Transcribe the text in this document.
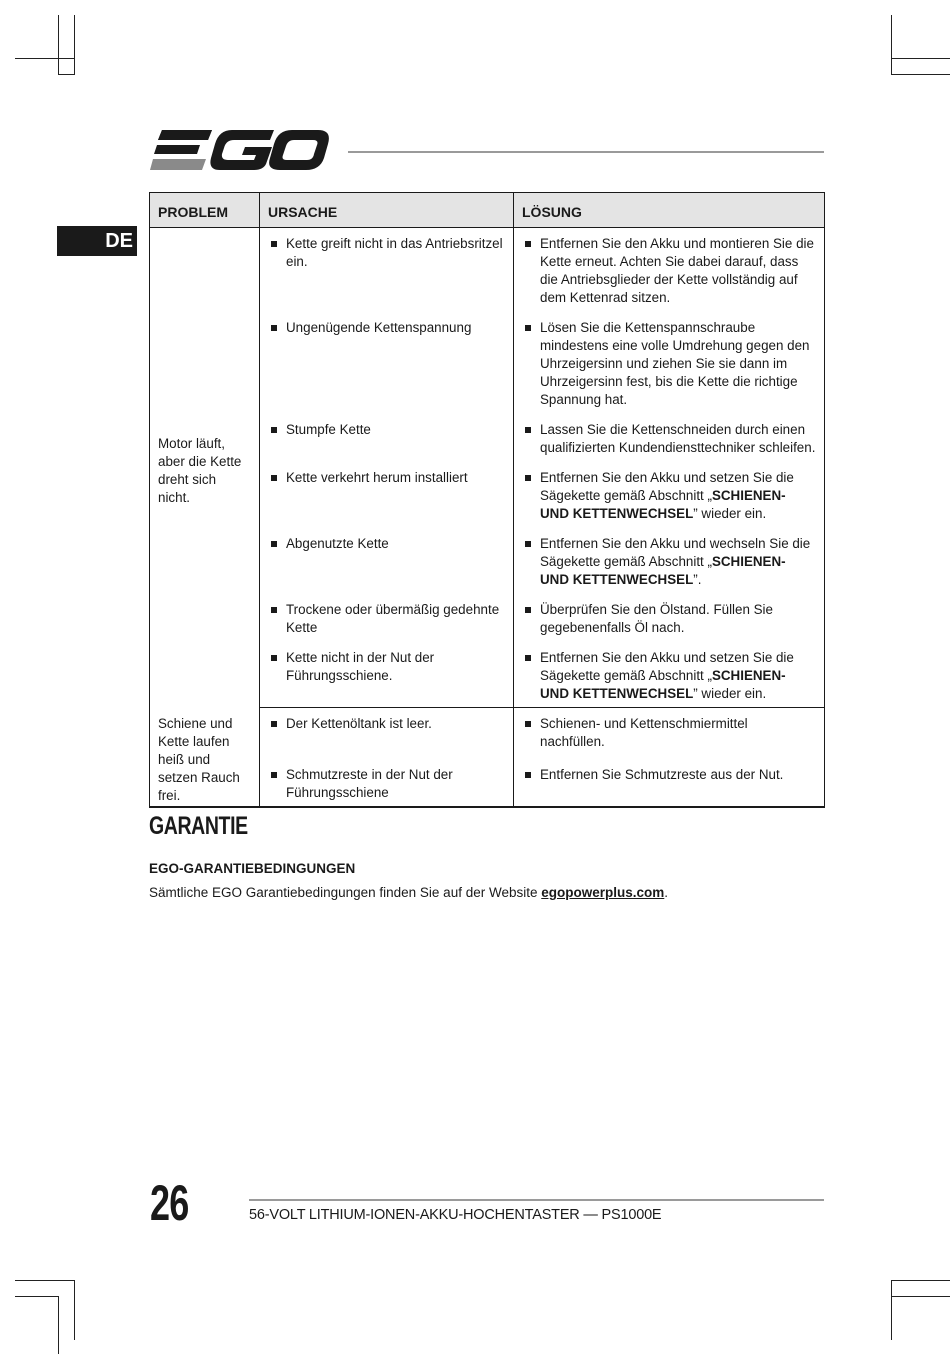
DE
PROBLEM	URSACHE	LÖSUNG
Motor läuft, aber die Kette dreht sich nicht.	Kette greift nicht in das Antriebsritzel ein.	Entfernen Sie den Akku und montieren Sie die Kette erneut. Achten Sie dabei darauf, dass die Antriebsglieder der Kette vollständig auf dem Kettenrad sitzen.

Ungenügende Kettenspannung	Lösen Sie die Kettenspannschraube mindestens eine volle Umdrehung gegen den Uhrzeigersinn und ziehen Sie sie dann im Uhrzeigersinn fest, bis die Kette die richtige Spannung hat.

Stumpfe Kette	Lassen Sie die Kettenschneiden durch einen qualifizierten Kundendiensttechniker schleifen.

Kette verkehrt herum installiert	Entfernen Sie den Akku und setzen Sie die Sägekette gemäß Abschnitt „SCHIENEN- UND KETTENWECHSEL” wieder ein.

Abgenutzte Kette	Entfernen Sie den Akku und wechseln Sie die Sägekette gemäß Abschnitt „SCHIENEN- UND KETTENWECHSEL”.

Trockene oder übermäßig gedehnte Kette	Überprüfen Sie den Ölstand. Füllen Sie gegebenenfalls Öl nach.

Kette nicht in der Nut der Führungsschiene.	Entfernen Sie den Akku und setzen Sie die Sägekette gemäß Abschnitt „SCHIENEN- UND KETTENWECHSEL” wieder ein.

Schiene und Kette laufen heiß und setzen Rauch frei.	Der Kettenöltank ist leer.	Schienen- und Kettenschmiermittel nachfüllen.

Schmutzreste in der Nut der Führungsschiene	Entfernen Sie Schmutzreste aus der Nut.
GARANTIE
EGO-GARANTIEBEDINGUNGEN
Sämtliche EGO Garantiebedingungen finden Sie auf der Website egopowerplus.com.
26	56-VOLT LITHIUM-IONEN-AKKU-HOCHENTASTER — PS1000E
